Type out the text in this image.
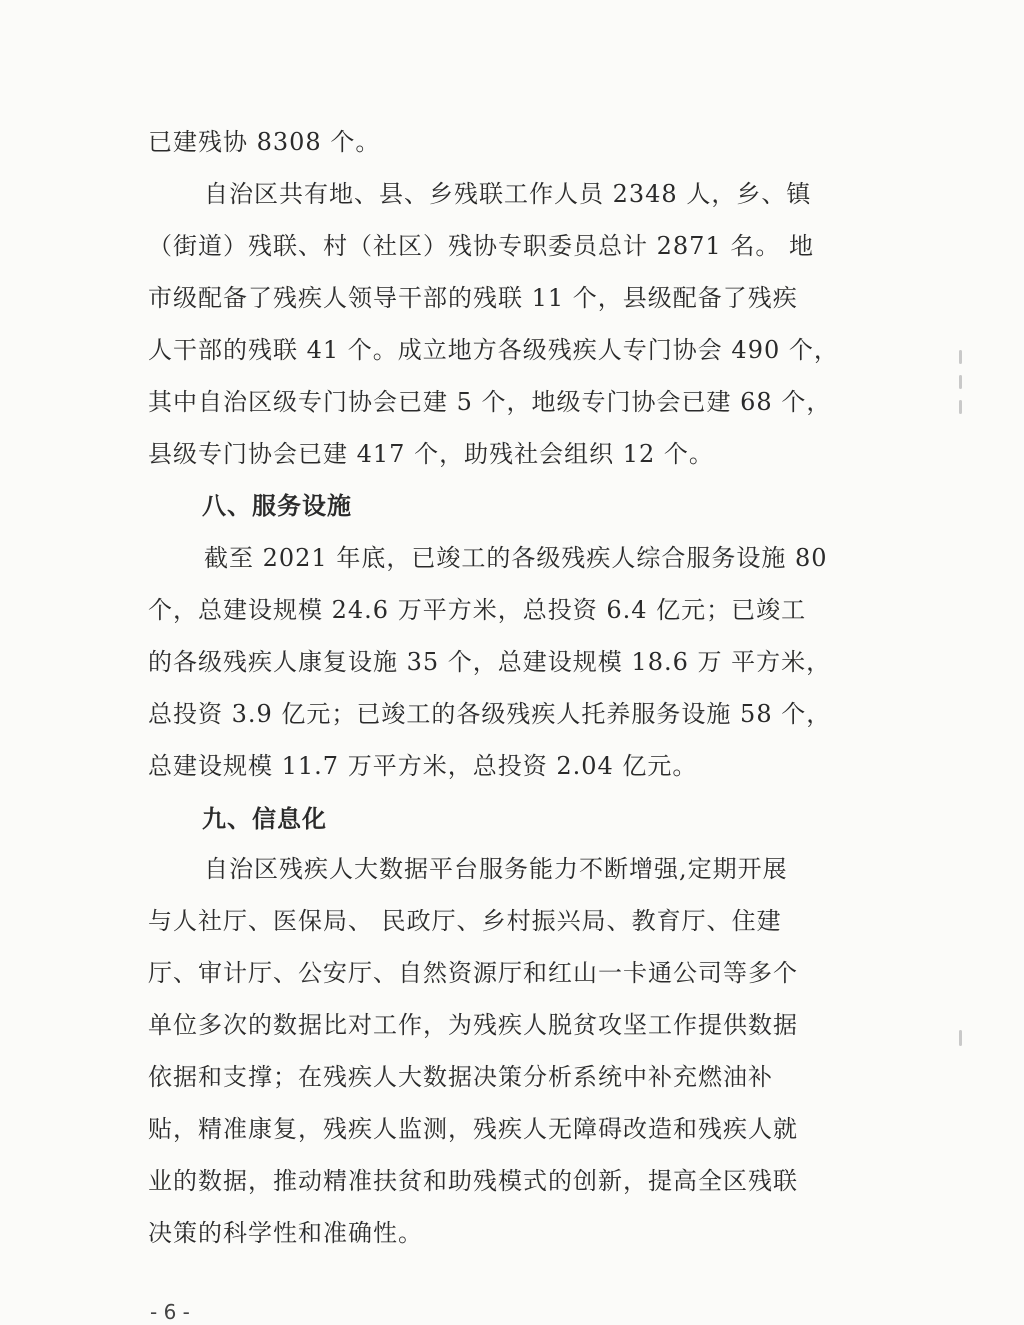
已建残协 8308 个。
自治区共有地、县、乡残联工作人员 2348 人，乡、镇
（街道）残联、村（社区）残协专职委员总计 2871 名。 地
市级配备了残疾人领导干部的残联 11 个，县级配备了残疾
人干部的残联 41 个。成立地方各级残疾人专门协会 490 个，
其中自治区级专门协会已建 5 个，地级专门协会已建 68 个，
县级专门协会已建 417 个，助残社会组织 12 个。
八、服务设施
截至 2021 年底，已竣工的各级残疾人综合服务设施 80
个，总建设规模 24.6 万平方米，总投资 6.4 亿元；已竣工
的各级残疾人康复设施 35 个，总建设规模 18.6 万 平方米，
总投资 3.9 亿元；已竣工的各级残疾人托养服务设施 58 个，
总建设规模 11.7 万平方米，总投资 2.04 亿元。
九、信息化
自治区残疾人大数据平台服务能力不断增强,定期开展
与人社厅、医保局、 民政厅、乡村振兴局、教育厅、住建
厅、审计厅、公安厅、自然资源厅和红山一卡通公司等多个
单位多次的数据比对工作，为残疾人脱贫攻坚工作提供数据
依据和支撑；在残疾人大数据决策分析系统中补充燃油补
贴，精准康复，残疾人监测，残疾人无障碍改造和残疾人就
业的数据，推动精准扶贫和助残模式的创新，提高全区残联
决策的科学性和准确性。
- 6 -
